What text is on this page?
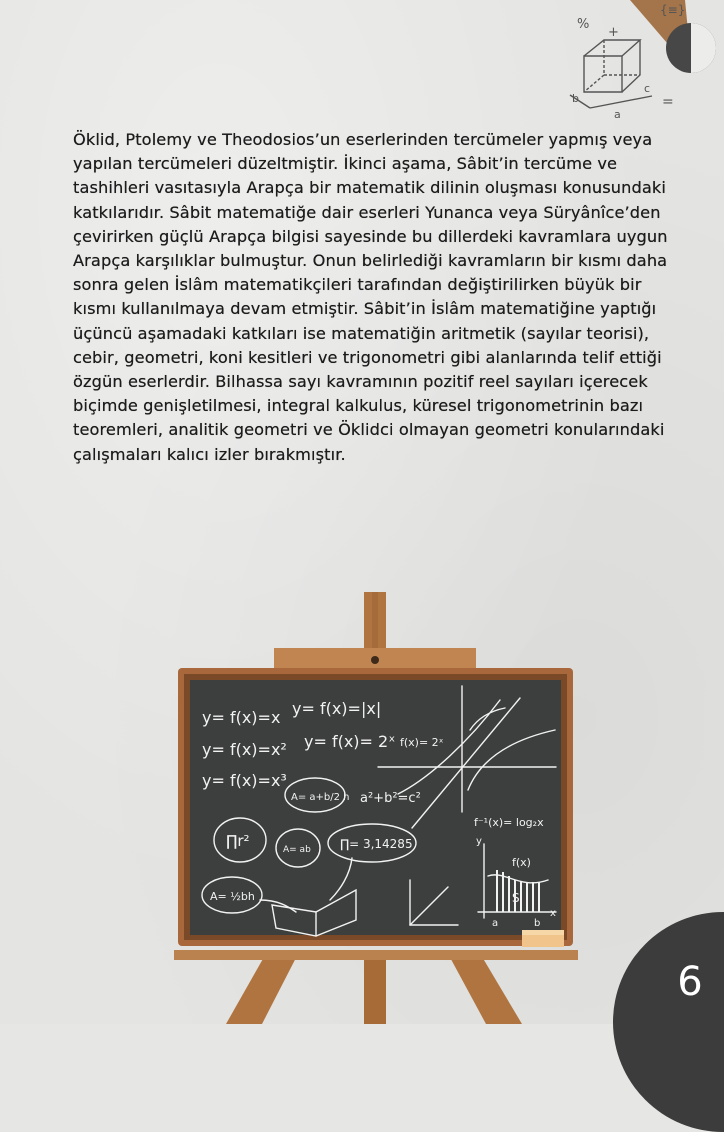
%
+
{≡}
=
b
a
c

Öklid, Ptolemy ve Theodosios’un eserlerinden tercümeler yapmış veya yapılan tercümeleri düzeltmiştir. İkinci aşama, Sâbit’in tercüme ve tashihleri vasıtasıyla Arapça bir matematik dilinin oluşması konusundaki katkılarıdır. Sâbit matematiğe dair eserleri Yunanca veya Süryânîce’den çevirirken güçlü Arapça bilgisi sayesinde bu dillerdeki kavramlara uygun Arapça karşılıklar bulmuştur. Onun belirlediği kavramların bir kısmı daha sonra gelen İslâm matematikçileri tarafından değiştirilirken büyük bir kısmı kullanılmaya devam etmiştir. Sâbit’in İslâm matematiğine yaptığı üçüncü aşamadaki katkıları ise matematiğin aritmetik (sayılar teorisi), cebir, geometri, koni kesitleri ve trigonometri gibi alanlarında telif ettiği özgün eserlerdir. Bilhassa sayı kavramının pozitif reel sayıları içerecek biçimde genişletilmesi, integral kalkulus, küresel trigonometrinin bazı teoremleri, analitik geometri ve Öklidci olmayan geometri konularındaki çalışmaları kalıcı izler bırakmıştır.

y= f(x)=x y= f(x)=|x|
y= f(x)=x² y= f(x)= 2ˣ
y= f(x)=x³
f(x)= 2ˣ
A= a+b/2 h a²+b²=c²
∏r²	∏= 3,14285
A= ab
A= ½bh
f⁻¹(x)= log₂x
f(x)
S
a	b
x
y
6
